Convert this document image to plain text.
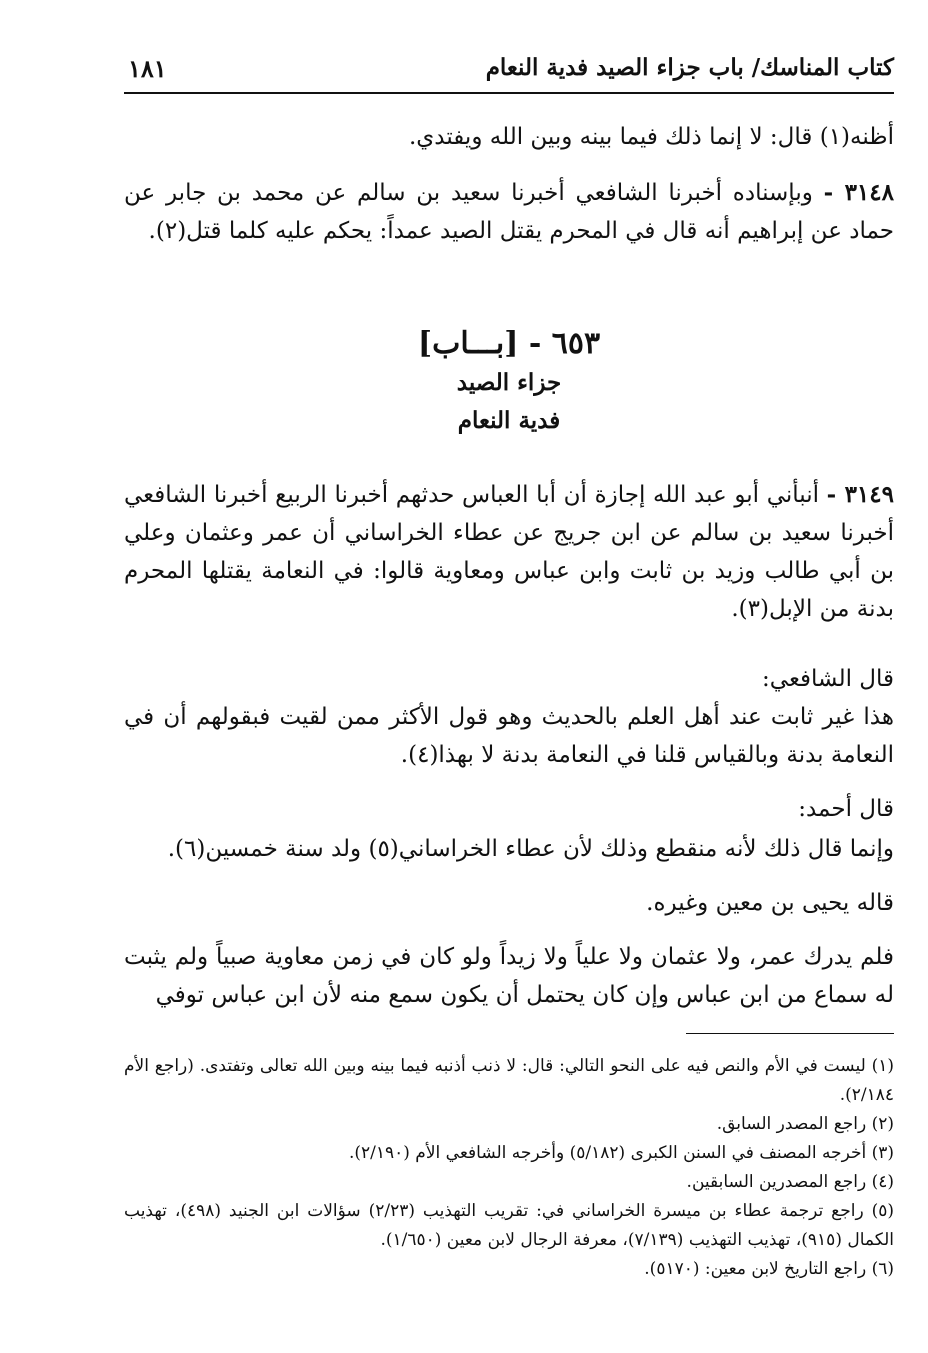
كتاب المناسك/ باب جزاء الصيد فدية النعام
١٨١

أظنه(١) قال: لا إنما ذلك فيما بينه وبين الله ويفتدي.

٣١٤٨ - وبإسناده أخبرنا الشافعي أخبرنا سعيد بن سالم عن محمد بن جابر عن حماد عن إبراهيم أنه قال في المحرم يقتل الصيد عمداً: يحكم عليه كلما قتل(٢).

٦٥٣ - [بـــاب]
جزاء الصيد
فدية النعام

٣١٤٩ - أنبأني أبو عبد الله إجازة أن أبا العباس حدثهم أخبرنا الربيع أخبرنا الشافعي أخبرنا سعيد بن سالم عن ابن جريج عن عطاء الخراساني أن عمر وعثمان وعلي بن أبي طالب وزيد بن ثابت وابن عباس ومعاوية قالوا: في النعامة يقتلها المحرم بدنة من الإبل(٣).

قال الشافعي:

هذا غير ثابت عند أهل العلم بالحديث وهو قول الأكثر ممن لقيت فبقولهم أن في النعامة بدنة وبالقياس قلنا في النعامة بدنة لا بهذا(٤).

قال أحمد:

وإنما قال ذلك لأنه منقطع وذلك لأن عطاء الخراساني(٥) ولد سنة خمسين(٦).

قاله يحيى بن معين وغيره.

فلم يدرك عمر، ولا عثمان ولا علياً ولا زيداً ولو كان في زمن معاوية صبياً ولم يثبت له سماع من ابن عباس وإن كان يحتمل أن يكون سمع منه لأن ابن عباس توفي

(١) ليست في الأم والنص فيه على النحو التالي: قال: لا ذنب أذنبه فيما بينه وبين الله تعالى وتفتدى. (راجع الأم ٢/١٨٤).

(٢) راجع المصدر السابق.

(٣) أخرجه المصنف في السنن الكبرى (٥/١٨٢) وأخرجه الشافعي الأم (٢/١٩٠).

(٤) راجع المصدرين السابقين.

(٥) راجع ترجمة عطاء بن ميسرة الخراساني في: تقريب التهذيب (٢/٢٣) سؤالات ابن الجنيد (٤٩٨)، تهذيب الكمال (٩١٥)، تهذيب التهذيب (٧/١٣٩)، معرفة الرجال لابن معين (١/٦٥٠).

(٦) راجع التاريخ لابن معين: (٥١٧٠).
